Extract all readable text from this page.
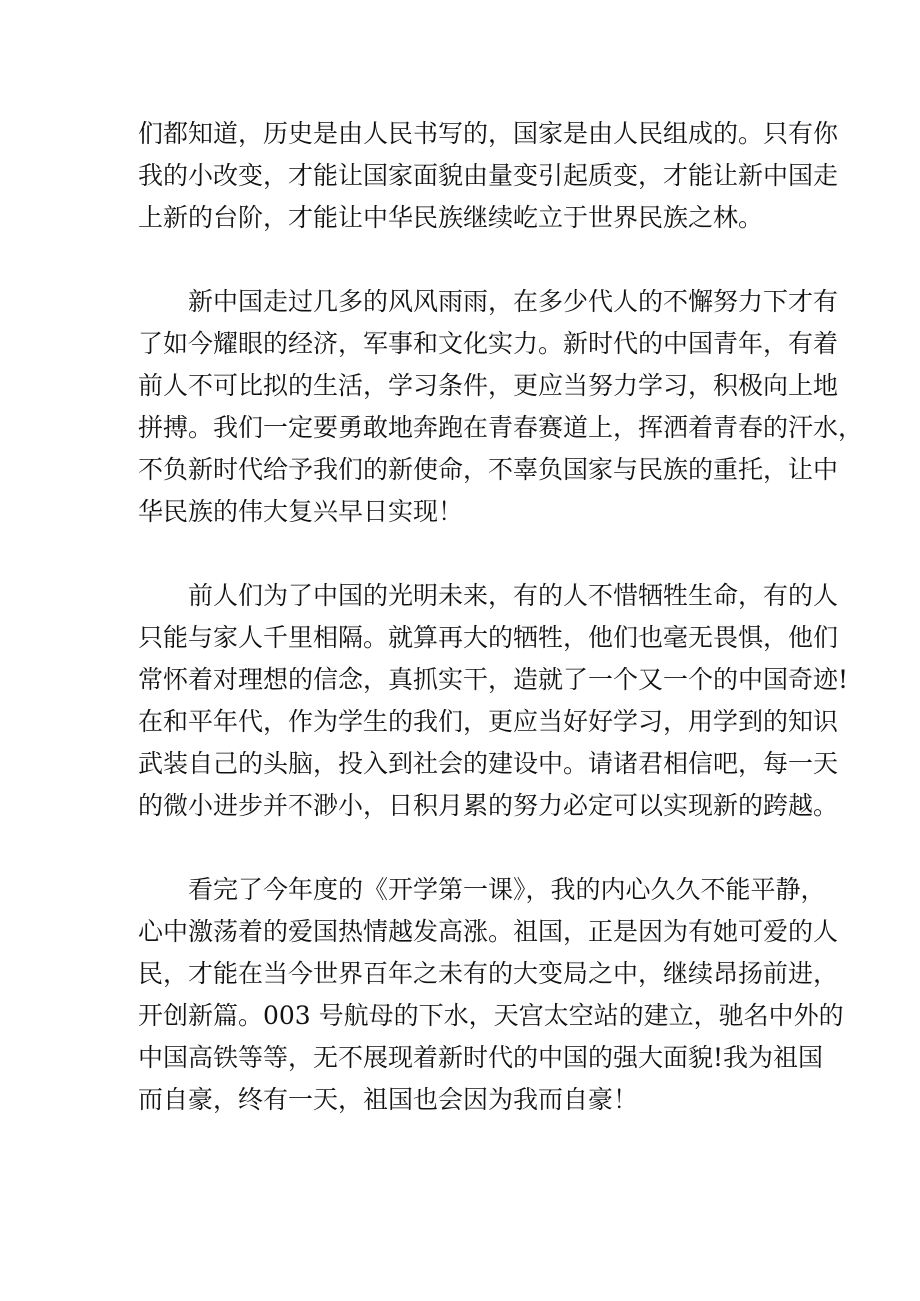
们都知道，历史是由人民书写的，国家是由人民组成的。只有你
我的小改变，才能让国家面貌由量变引起质变，才能让新中国走
上新的台阶，才能让中华民族继续屹立于世界民族之林。
新中国走过几多的风风雨雨，在多少代人的不懈努力下才有
了如今耀眼的经济，军事和文化实力。新时代的中国青年，有着
前人不可比拟的生活，学习条件，更应当努力学习，积极向上地
拼搏。我们一定要勇敢地奔跑在青春赛道上，挥洒着青春的汗水，
不负新时代给予我们的新使命，不辜负国家与民族的重托，让中
华民族的伟大复兴早日实现！
前人们为了中国的光明未来，有的人不惜牺牲生命，有的人
只能与家人千里相隔。就算再大的牺牲，他们也毫无畏惧，他们
常怀着对理想的信念，真抓实干，造就了一个又一个的中国奇迹!
在和平年代，作为学生的我们，更应当好好学习，用学到的知识
武装自己的头脑，投入到社会的建设中。请诸君相信吧，每一天
的微小进步并不渺小，日积月累的努力必定可以实现新的跨越。
看完了今年度的《开学第一课》，我的内心久久不能平静，
心中激荡着的爱国热情越发高涨。祖国，正是因为有她可爱的人
民，才能在当今世界百年之未有的大变局之中，继续昂扬前进，
开创新篇。003 号航母的下水，天宫太空站的建立，驰名中外的
中国高铁等等，无不展现着新时代的中国的强大面貌!我为祖国
而自豪，终有一天，祖国也会因为我而自豪！
